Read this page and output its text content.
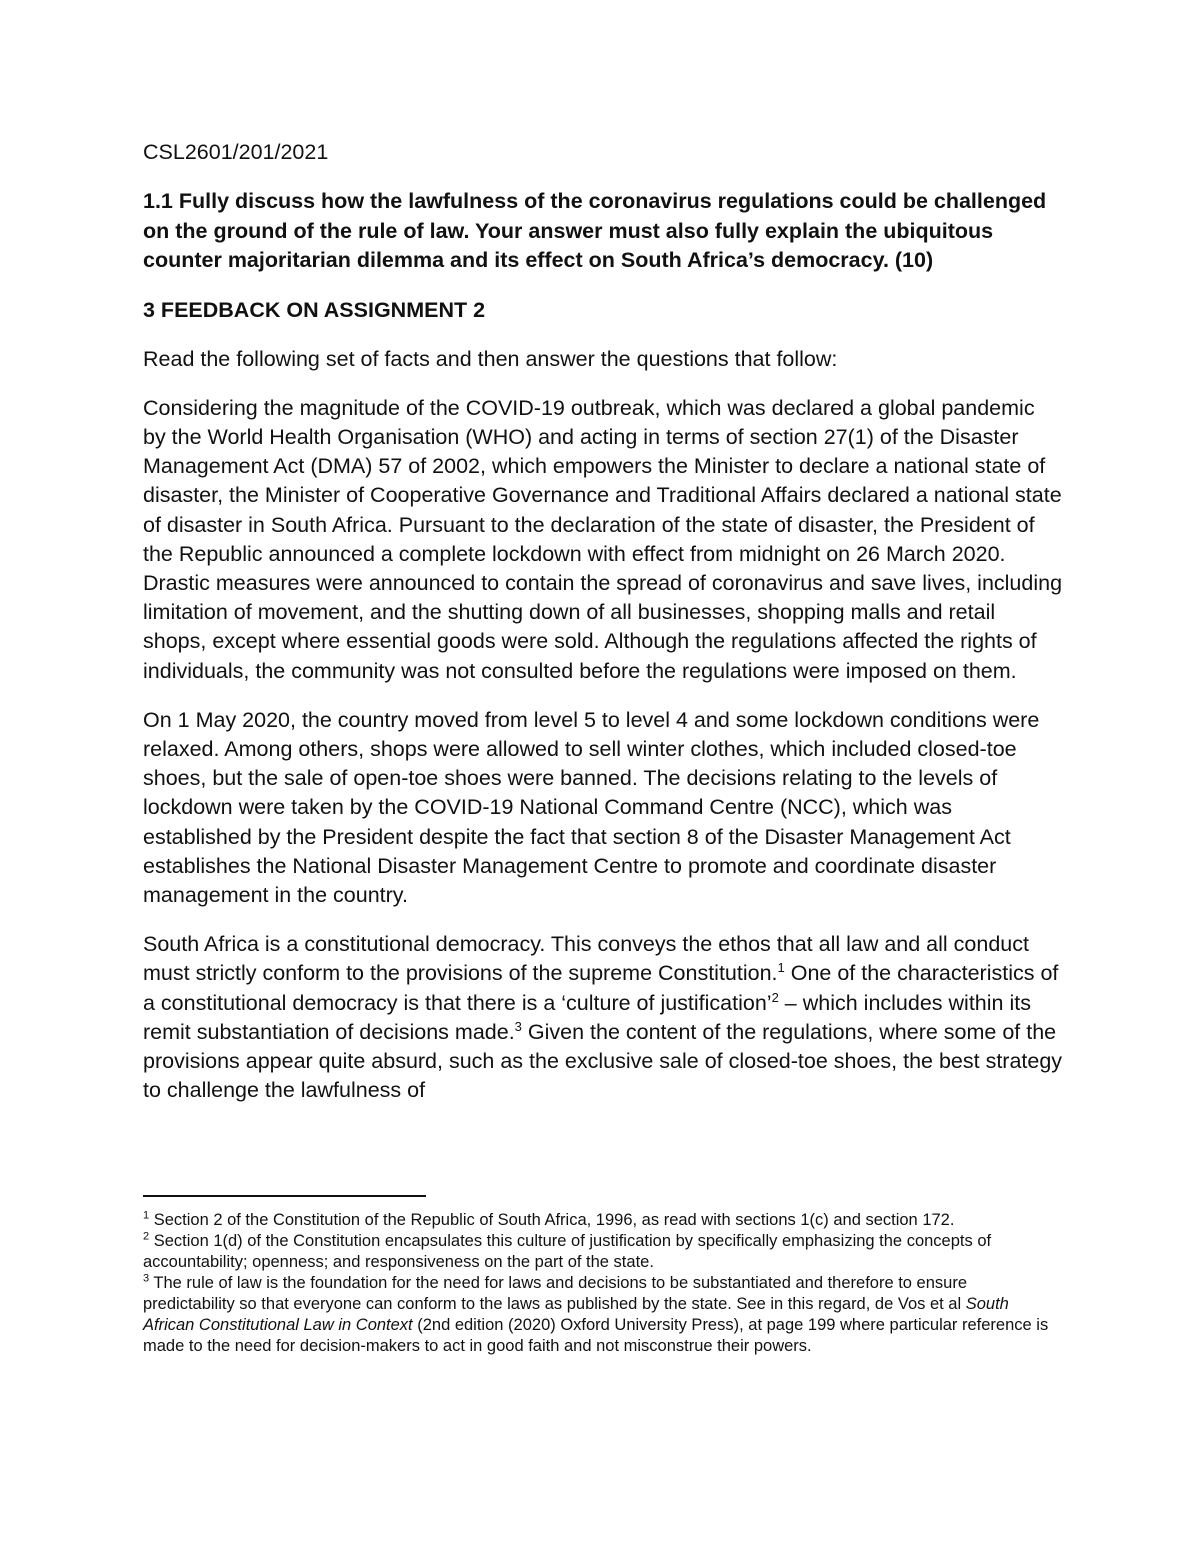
CSL2601/201/2021
1.1 Fully discuss how the lawfulness of the coronavirus regulations could be challenged on the ground of the rule of law. Your answer must also fully explain the ubiquitous counter majoritarian dilemma and its effect on South Africa’s democracy. (10)
3 FEEDBACK ON ASSIGNMENT 2

Read the following set of facts and then answer the questions that follow:

Considering the magnitude of the COVID-19 outbreak, which was declared a global pandemic by the World Health Organisation (WHO) and acting in terms of section 27(1) of the Disaster Management Act (DMA) 57 of 2002, which empowers the Minister to declare a national state of disaster, the Minister of Cooperative Governance and Traditional Affairs declared a national state of disaster in South Africa. Pursuant to the declaration of the state of disaster, the President of the Republic announced a complete lockdown with effect from midnight on 26 March 2020. Drastic measures were announced to contain the spread of coronavirus and save lives, including limitation of movement, and the shutting down of all businesses, shopping malls and retail shops, except where essential goods were sold. Although the regulations affected the rights of individuals, the community was not consulted before the regulations were imposed on them.

On 1 May 2020, the country moved from level 5 to level 4 and some lockdown conditions were relaxed. Among others, shops were allowed to sell winter clothes, which included closed-toe shoes, but the sale of open-toe shoes were banned. The decisions relating to the levels of lockdown were taken by the COVID-19 National Command Centre (NCC), which was established by the President despite the fact that section 8 of the Disaster Management Act establishes the National Disaster Management Centre to promote and coordinate disaster management in the country.

South Africa is a constitutional democracy. This conveys the ethos that all law and all conduct must strictly conform to the provisions of the supreme Constitution.$^1$ One of the characteristics of a constitutional democracy is that there is a ‘culture of justification’$^2$ – which includes within its remit substantiation of decisions made.$^3$ Given the content of the regulations, where some of the provisions appear quite absurd, such as the exclusive sale of closed-toe shoes, the best strategy to challenge the lawfulness of

$^1$ Section 2 of the Constitution of the Republic of South Africa, 1996, as read with sections 1(c) and section 172.

$^2$ Section 1(d) of the Constitution encapsulates this culture of justification by specifically emphasizing the concepts of accountability; openness; and responsiveness on the part of the state.

$^3$ The rule of law is the foundation for the need for laws and decisions to be substantiated and therefore to ensure predictability so that everyone can conform to the laws as published by the state. See in this regard, de Vos et al South African Constitutional Law in Context (2nd edition (2020) Oxford University Press), at page 199 where particular reference is made to the need for decision-makers to act in good faith and not misconstrue their powers.
